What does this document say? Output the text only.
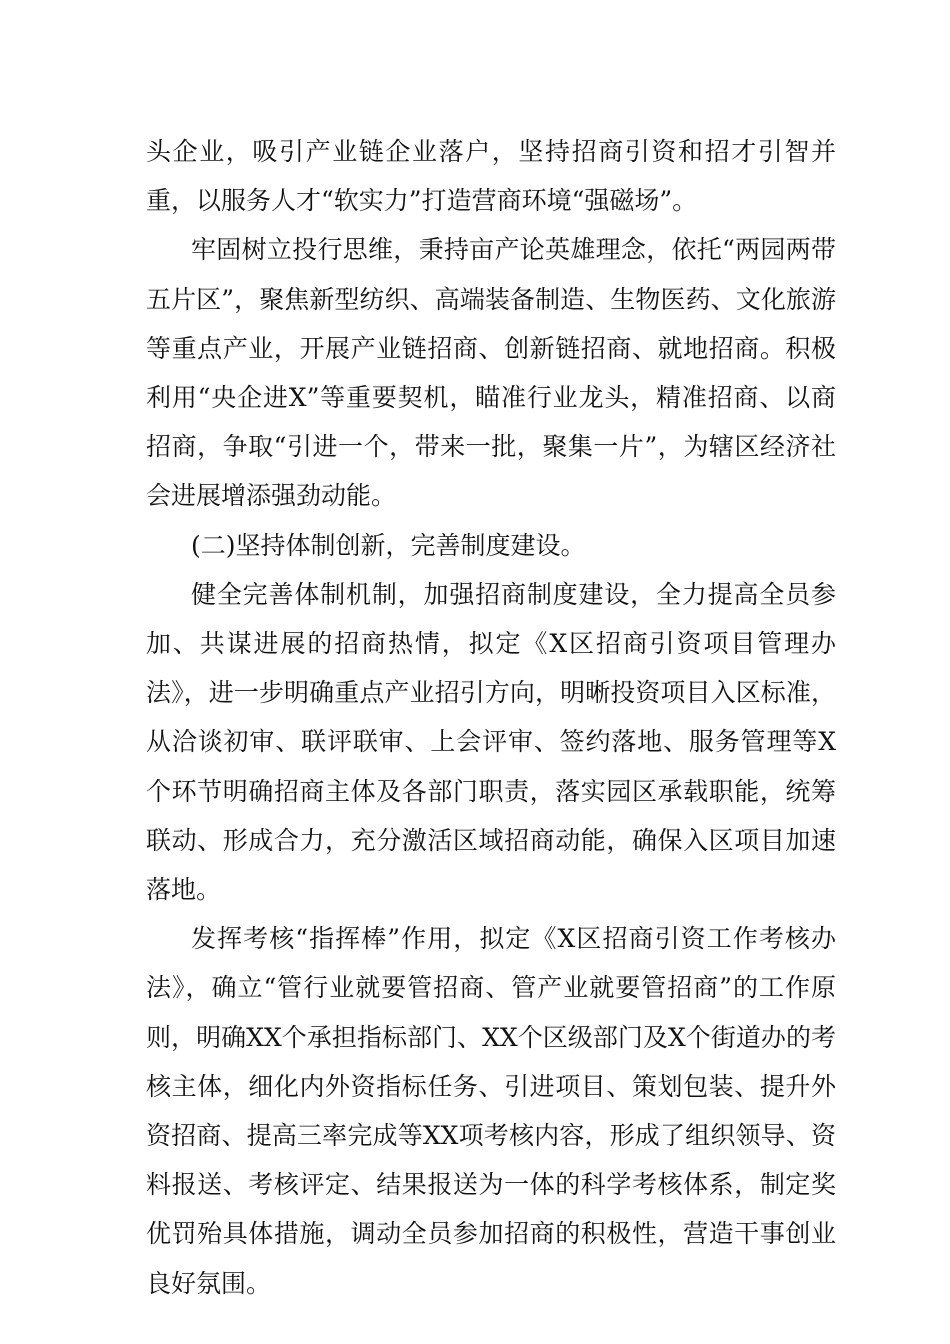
头企业，吸引产业链企业落户，坚持招商引资和招才引智并重，以服务人才“软实力”打造营商环境“强磁场”。

牢固树立投行思维，秉持亩产论英雄理念，依托“两园两带五片区”，聚焦新型纺织、高端装备制造、生物医药、文化旅游等重点产业，开展产业链招商、创新链招商、就地招商。积极利用“央企进X”等重要契机，瞄准行业龙头，精准招商、以商招商，争取“引进一个，带来一批，聚集一片”，为辖区经济社会进展增添强劲动能。

(二)坚持体制创新，完善制度建设。

健全完善体制机制，加强招商制度建设，全力提高全员参加、共谋进展的招商热情，拟定《X区招商引资项目管理办法》，进一步明确重点产业招引方向，明晰投资项目入区标准，从洽谈初审、联评联审、上会评审、签约落地、服务管理等X个环节明确招商主体及各部门职责，落实园区承载职能，统筹联动、形成合力，充分激活区域招商动能，确保入区项目加速落地。

发挥考核“指挥棒”作用，拟定《X区招商引资工作考核办法》，确立“管行业就要管招商、管产业就要管招商”的工作原则，明确XX个承担指标部门、XX个区级部门及X个街道办的考核主体，细化内外资指标任务、引进项目、策划包装、提升外资招商、提高三率完成等XX项考核内容，形成了组织领导、资料报送、考核评定、结果报送为一体的科学考核体系，制定奖优罚殆具体措施，调动全员参加招商的积极性，营造干事创业良好氛围。
